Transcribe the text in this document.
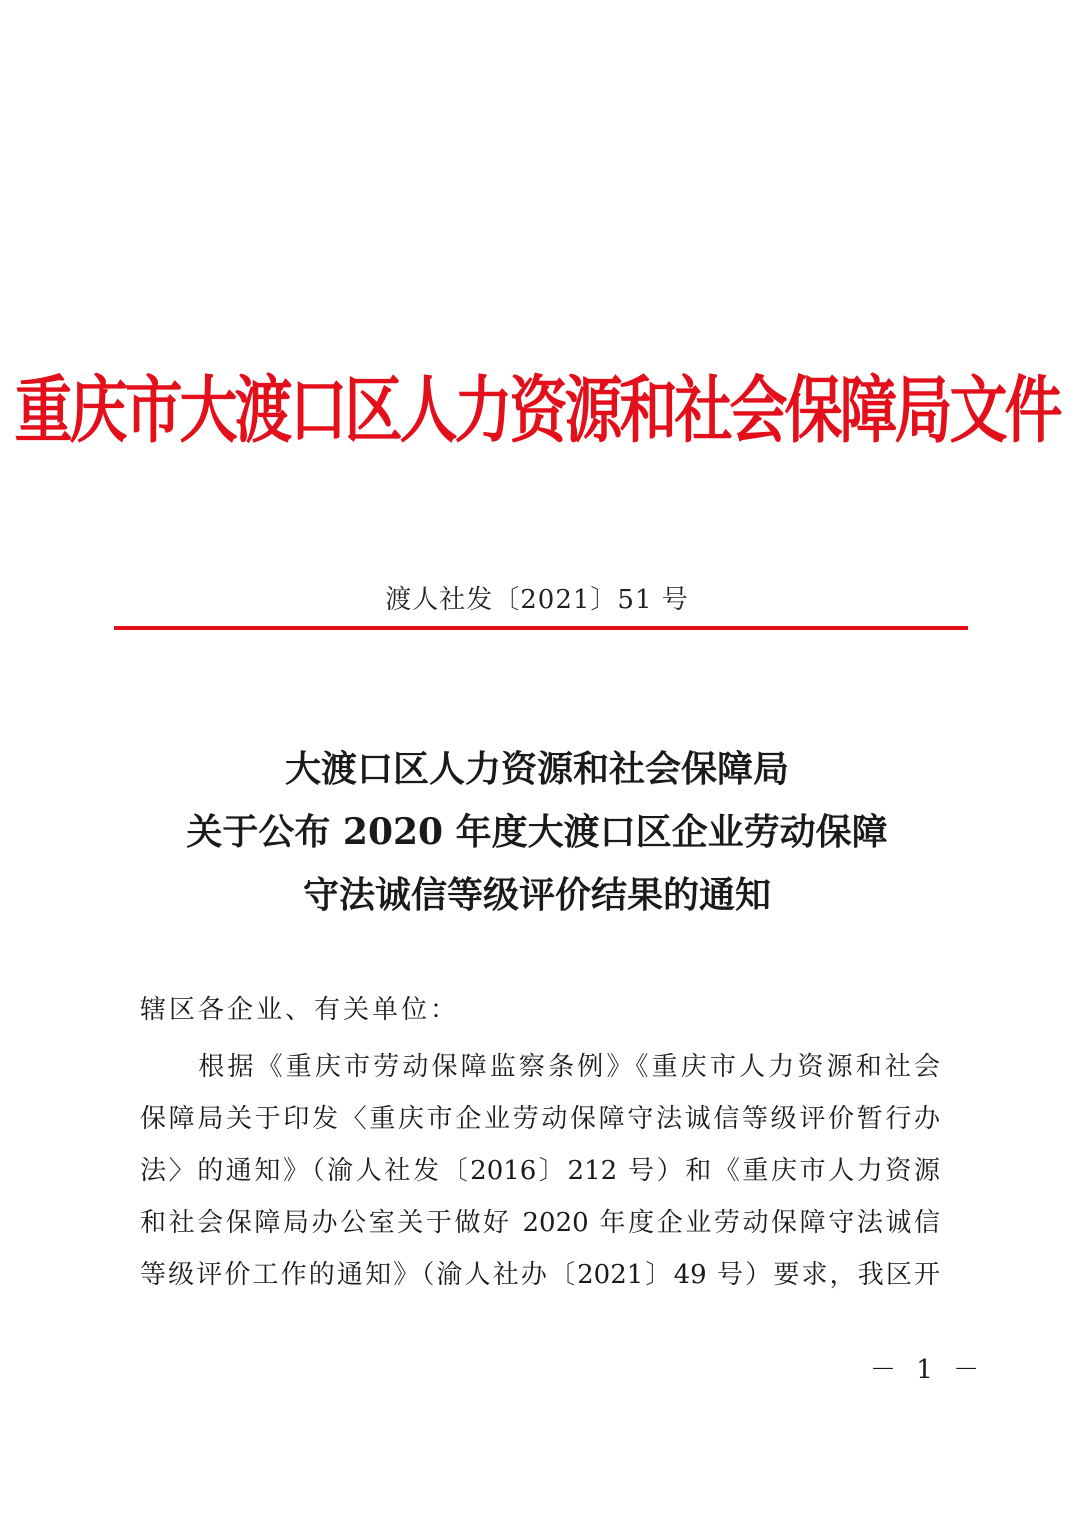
重庆市大渡口区人力资源和社会保障局文件
渡人社发〔2021〕51 号
大渡口区人力资源和社会保障局
关于公布 2020 年度大渡口区企业劳动保障
守法诚信等级评价结果的通知
辖区各企业、有关单位：
　　根据《重庆市劳动保障监察条例》《重庆市人力资源和社会
保障局关于印发〈重庆市企业劳动保障守法诚信等级评价暂行办
法〉的通知》（渝人社发〔2016〕212 号）和《重庆市人力资源
和社会保障局办公室关于做好 2020 年度企业劳动保障守法诚信
等级评价工作的通知》（渝人社办〔2021〕49 号）要求，我区开
－ 1 －
